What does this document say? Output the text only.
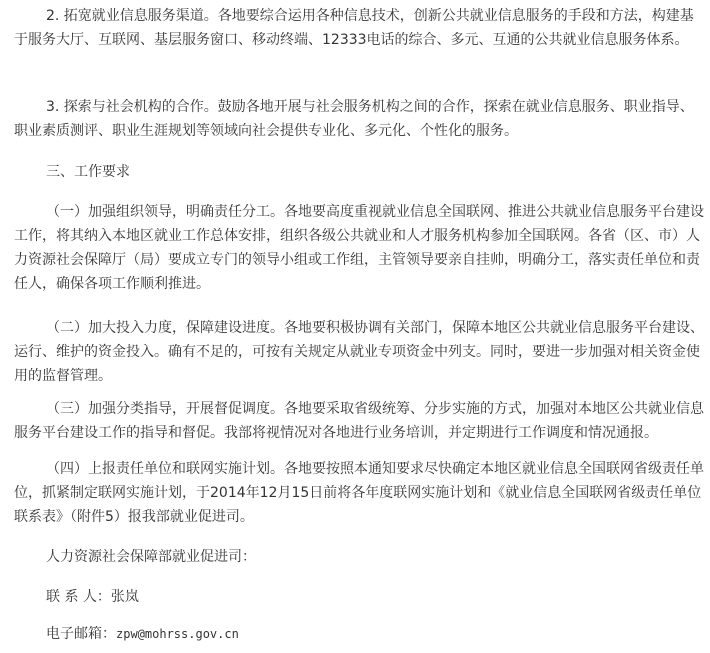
2. 拓宽就业信息服务渠道。各地要综合运用各种信息技术，创新公共就业信息服务的手段和方法，构建基于服务大厅、互联网、基层服务窗口、移动终端、12333电话的综合、多元、互通的公共就业信息服务体系。

3. 探索与社会机构的合作。鼓励各地开展与社会服务机构之间的合作，探索在就业信息服务、职业指导、职业素质测评、职业生涯规划等领域向社会提供专业化、多元化、个性化的服务。

三、工作要求

（一）加强组织领导，明确责任分工。各地要高度重视就业信息全国联网、推进公共就业信息服务平台建设工作，将其纳入本地区就业工作总体安排，组织各级公共就业和人才服务机构参加全国联网。各省（区、市）人力资源社会保障厅（局）要成立专门的领导小组或工作组，主管领导要亲自挂帅，明确分工，落实责任单位和责任人，确保各项工作顺利推进。

（二）加大投入力度，保障建设进度。各地要积极协调有关部门，保障本地区公共就业信息服务平台建设、运行、维护的资金投入。确有不足的，可按有关规定从就业专项资金中列支。同时，要进一步加强对相关资金使用的监督管理。

（三）加强分类指导，开展督促调度。各地要采取省级统筹、分步实施的方式，加强对本地区公共就业信息服务平台建设工作的指导和督促。我部将视情况对各地进行业务培训，并定期进行工作调度和情况通报。

（四）上报责任单位和联网实施计划。各地要按照本通知要求尽快确定本地区就业信息全国联网省级责任单位，抓紧制定联网实施计划，于2014年12月15日前将各年度联网实施计划和《就业信息全国联网省级责任单位联系表》（附件5）报我部就业促进司。

人力资源社会保障部就业促进司：

联 系 人：张岚

电子邮箱：zpw@mohrss.gov.cn
